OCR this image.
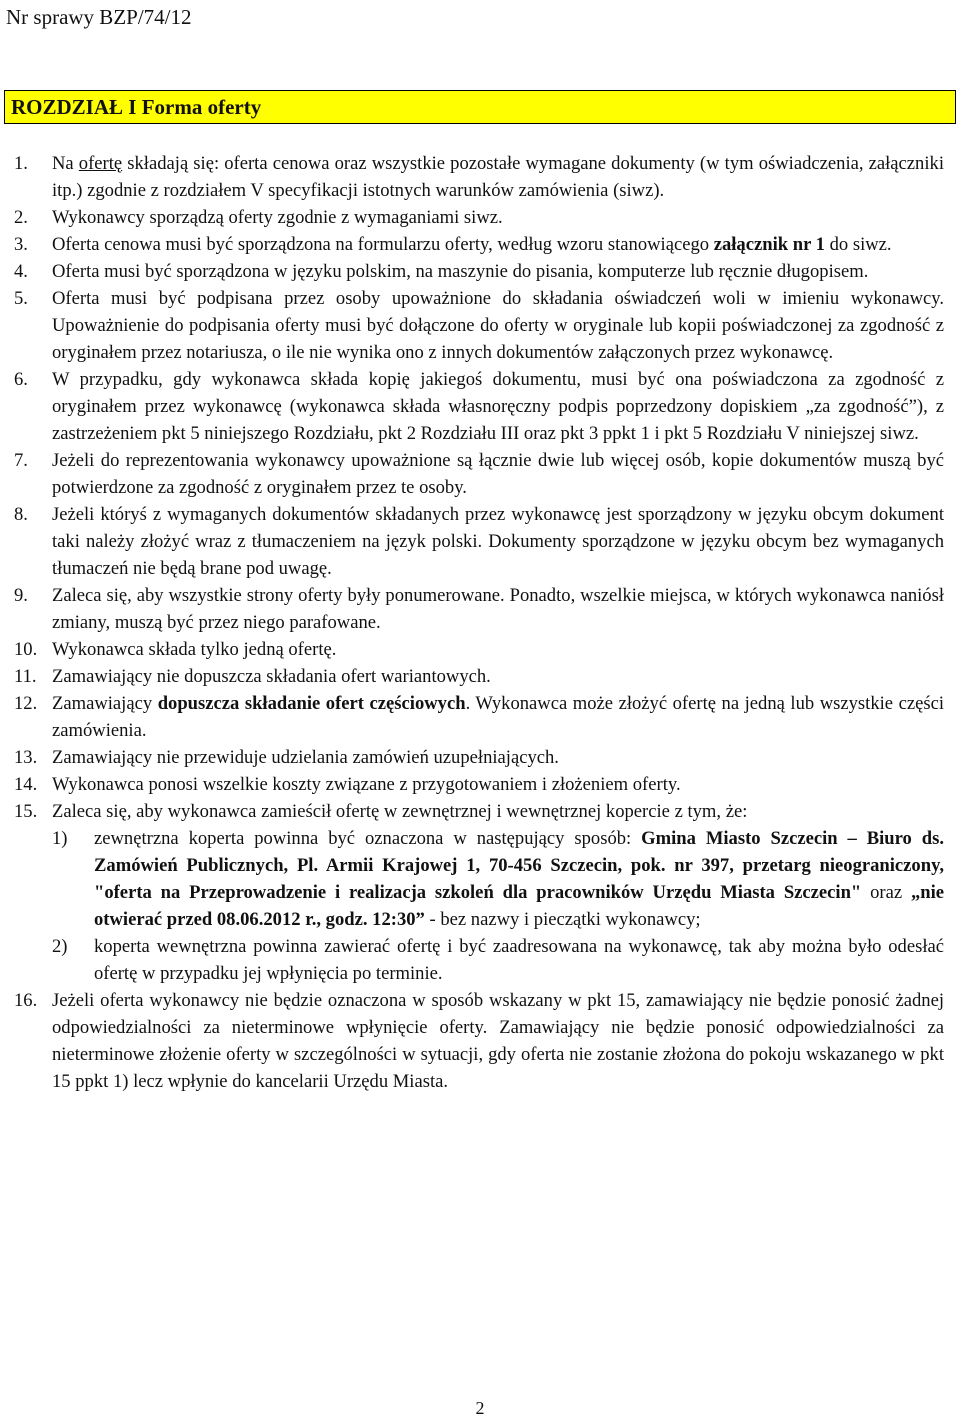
Nr sprawy BZP/74/12
ROZDZIAŁ I Forma oferty
1.	Na ofertę składają się: oferta cenowa oraz wszystkie pozostałe wymagane dokumenty (w tym oświadczenia, załączniki itp.) zgodnie z rozdziałem V specyfikacji istotnych warunków zamówienia (siwz).
2.	Wykonawcy sporządzą oferty zgodnie z wymaganiami siwz.
3.	Oferta cenowa musi być sporządzona na formularzu oferty, według wzoru stanowiącego załącznik nr 1 do siwz.
4.	Oferta musi być sporządzona w języku polskim, na maszynie do pisania, komputerze lub ręcznie długopisem.
5.	Oferta musi być podpisana przez osoby upoważnione do składania oświadczeń woli w imieniu wykonawcy. Upoważnienie do podpisania oferty musi być dołączone do oferty w oryginale lub kopii poświadczonej za zgodność z oryginałem przez notariusza, o ile nie wynika ono z innych dokumentów załączonych przez wykonawcę.
6.	W przypadku, gdy wykonawca składa kopię jakiegoś dokumentu, musi być ona poświadczona za zgodność z oryginałem przez wykonawcę (wykonawca składa własnoręczny podpis poprzedzony dopiskiem „za zgodność”), z zastrzeżeniem pkt 5 niniejszego Rozdziału, pkt 2 Rozdziału III oraz pkt 3 ppkt 1 i pkt 5 Rozdziału V niniejszej siwz.
7.	Jeżeli do reprezentowania wykonawcy upoważnione są łącznie dwie lub więcej osób, kopie dokumentów muszą być potwierdzone za zgodność z oryginałem przez te osoby.
8.	Jeżeli któryś z wymaganych dokumentów składanych przez wykonawcę jest sporządzony w języku obcym dokument taki należy złożyć wraz z tłumaczeniem na język polski. Dokumenty sporządzone w języku obcym bez wymaganych tłumaczeń nie będą brane pod uwagę.
9.	Zaleca się, aby wszystkie strony oferty były ponumerowane. Ponadto, wszelkie miejsca, w których wykonawca naniósł zmiany, muszą być przez niego parafowane.
10. Wykonawca składa tylko jedną ofertę.
11. Zamawiający nie dopuszcza składania ofert wariantowych.
12. Zamawiający dopuszcza składanie ofert częściowych. Wykonawca może złożyć ofertę na jedną lub wszystkie części zamówienia.
13. Zamawiający nie przewiduje udzielania zamówień uzupełniających.
14. Wykonawca ponosi wszelkie koszty związane z przygotowaniem i złożeniem oferty.
15. Zaleca się, aby wykonawca zamieścił ofertę w zewnętrznej i wewnętrznej kopercie z tym, że:
1)	zewnętrzna koperta powinna być oznaczona w następujący sposób: Gmina Miasto Szczecin – Biuro ds. Zamówień Publicznych, Pl. Armii Krajowej 1, 70-456 Szczecin, pok. nr 397, przetarg nieograniczony, "oferta na Przeprowadzenie i realizacja szkoleń dla pracowników Urzędu Miasta Szczecin" oraz „nie otwierać przed 08.06.2012 r., godz. 12:30” - bez nazwy i pieczątki wykonawcy;
2)	koperta wewnętrzna powinna zawierać ofertę i być zaadresowana na wykonawcę, tak aby można było odesłać ofertę w przypadku jej wpłynięcia po terminie.
16. Jeżeli oferta wykonawcy nie będzie oznaczona w sposób wskazany w pkt 15, zamawiający nie będzie ponosić żadnej odpowiedzialności za nieterminowe wpłynięcie oferty. Zamawiający nie będzie ponosić odpowiedzialności za nieterminowe złożenie oferty w szczególności w sytuacji, gdy oferta nie zostanie złożona do pokoju wskazanego w pkt 15 ppkt 1) lecz wpłynie do kancelarii Urzędu Miasta.
2
